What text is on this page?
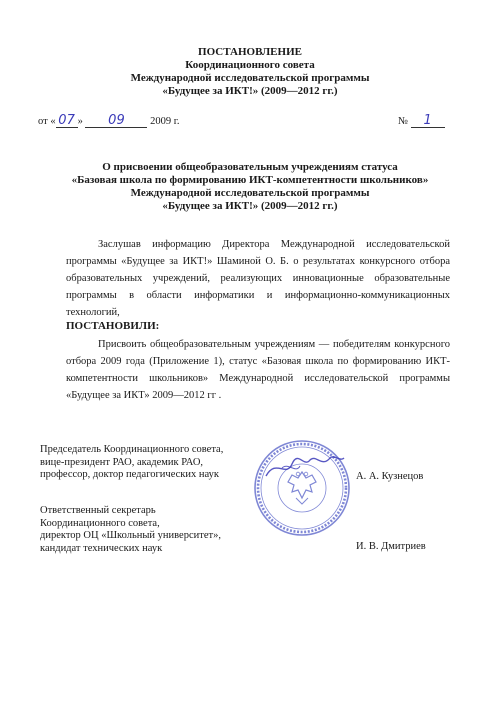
ПОСТАНОВЛЕНИЕ
Координационного совета
Международной исследовательской программы
«Будущее за ИКТ!» (2009—2012 гг.)
от « 07 » 09 2009 г.	№ 1
О присвоении общеобразовательным учреждениям статуса
«Базовая школа по формированию ИКТ-компетентности школьников»
Международной исследовательской программы
«Будущее за ИКТ!» (2009—2012 гг.)

Заслушав информацию Директора Международной исследовательской программы «Будущее за ИКТ!» Шаминой О. Б. о результатах конкурсного отбора образовательных учреждений, реализующих инновационные образовательные программы в области информатики и информационно-коммуникационных технологий,

ПОСТАНОВИЛИ:

Присвоить общеобразовательным учреждениям — победителям конкурсного отбора 2009 года (Приложение 1), статус «Базовая школа по формированию ИКТ-компетентности школьников» Международной исследовательской программы «Будущее за ИКТ» 2009—2012 гг .

Председатель Координационного совета,
вице-президент РАО, академик РАО,
профессор, доктор педагогических наук	А. А. Кузнецов
Ответственный секретарь
Координационного совета,
директор ОЦ «Школьный университет»,
кандидат технических наук	И. В. Дмитриев
